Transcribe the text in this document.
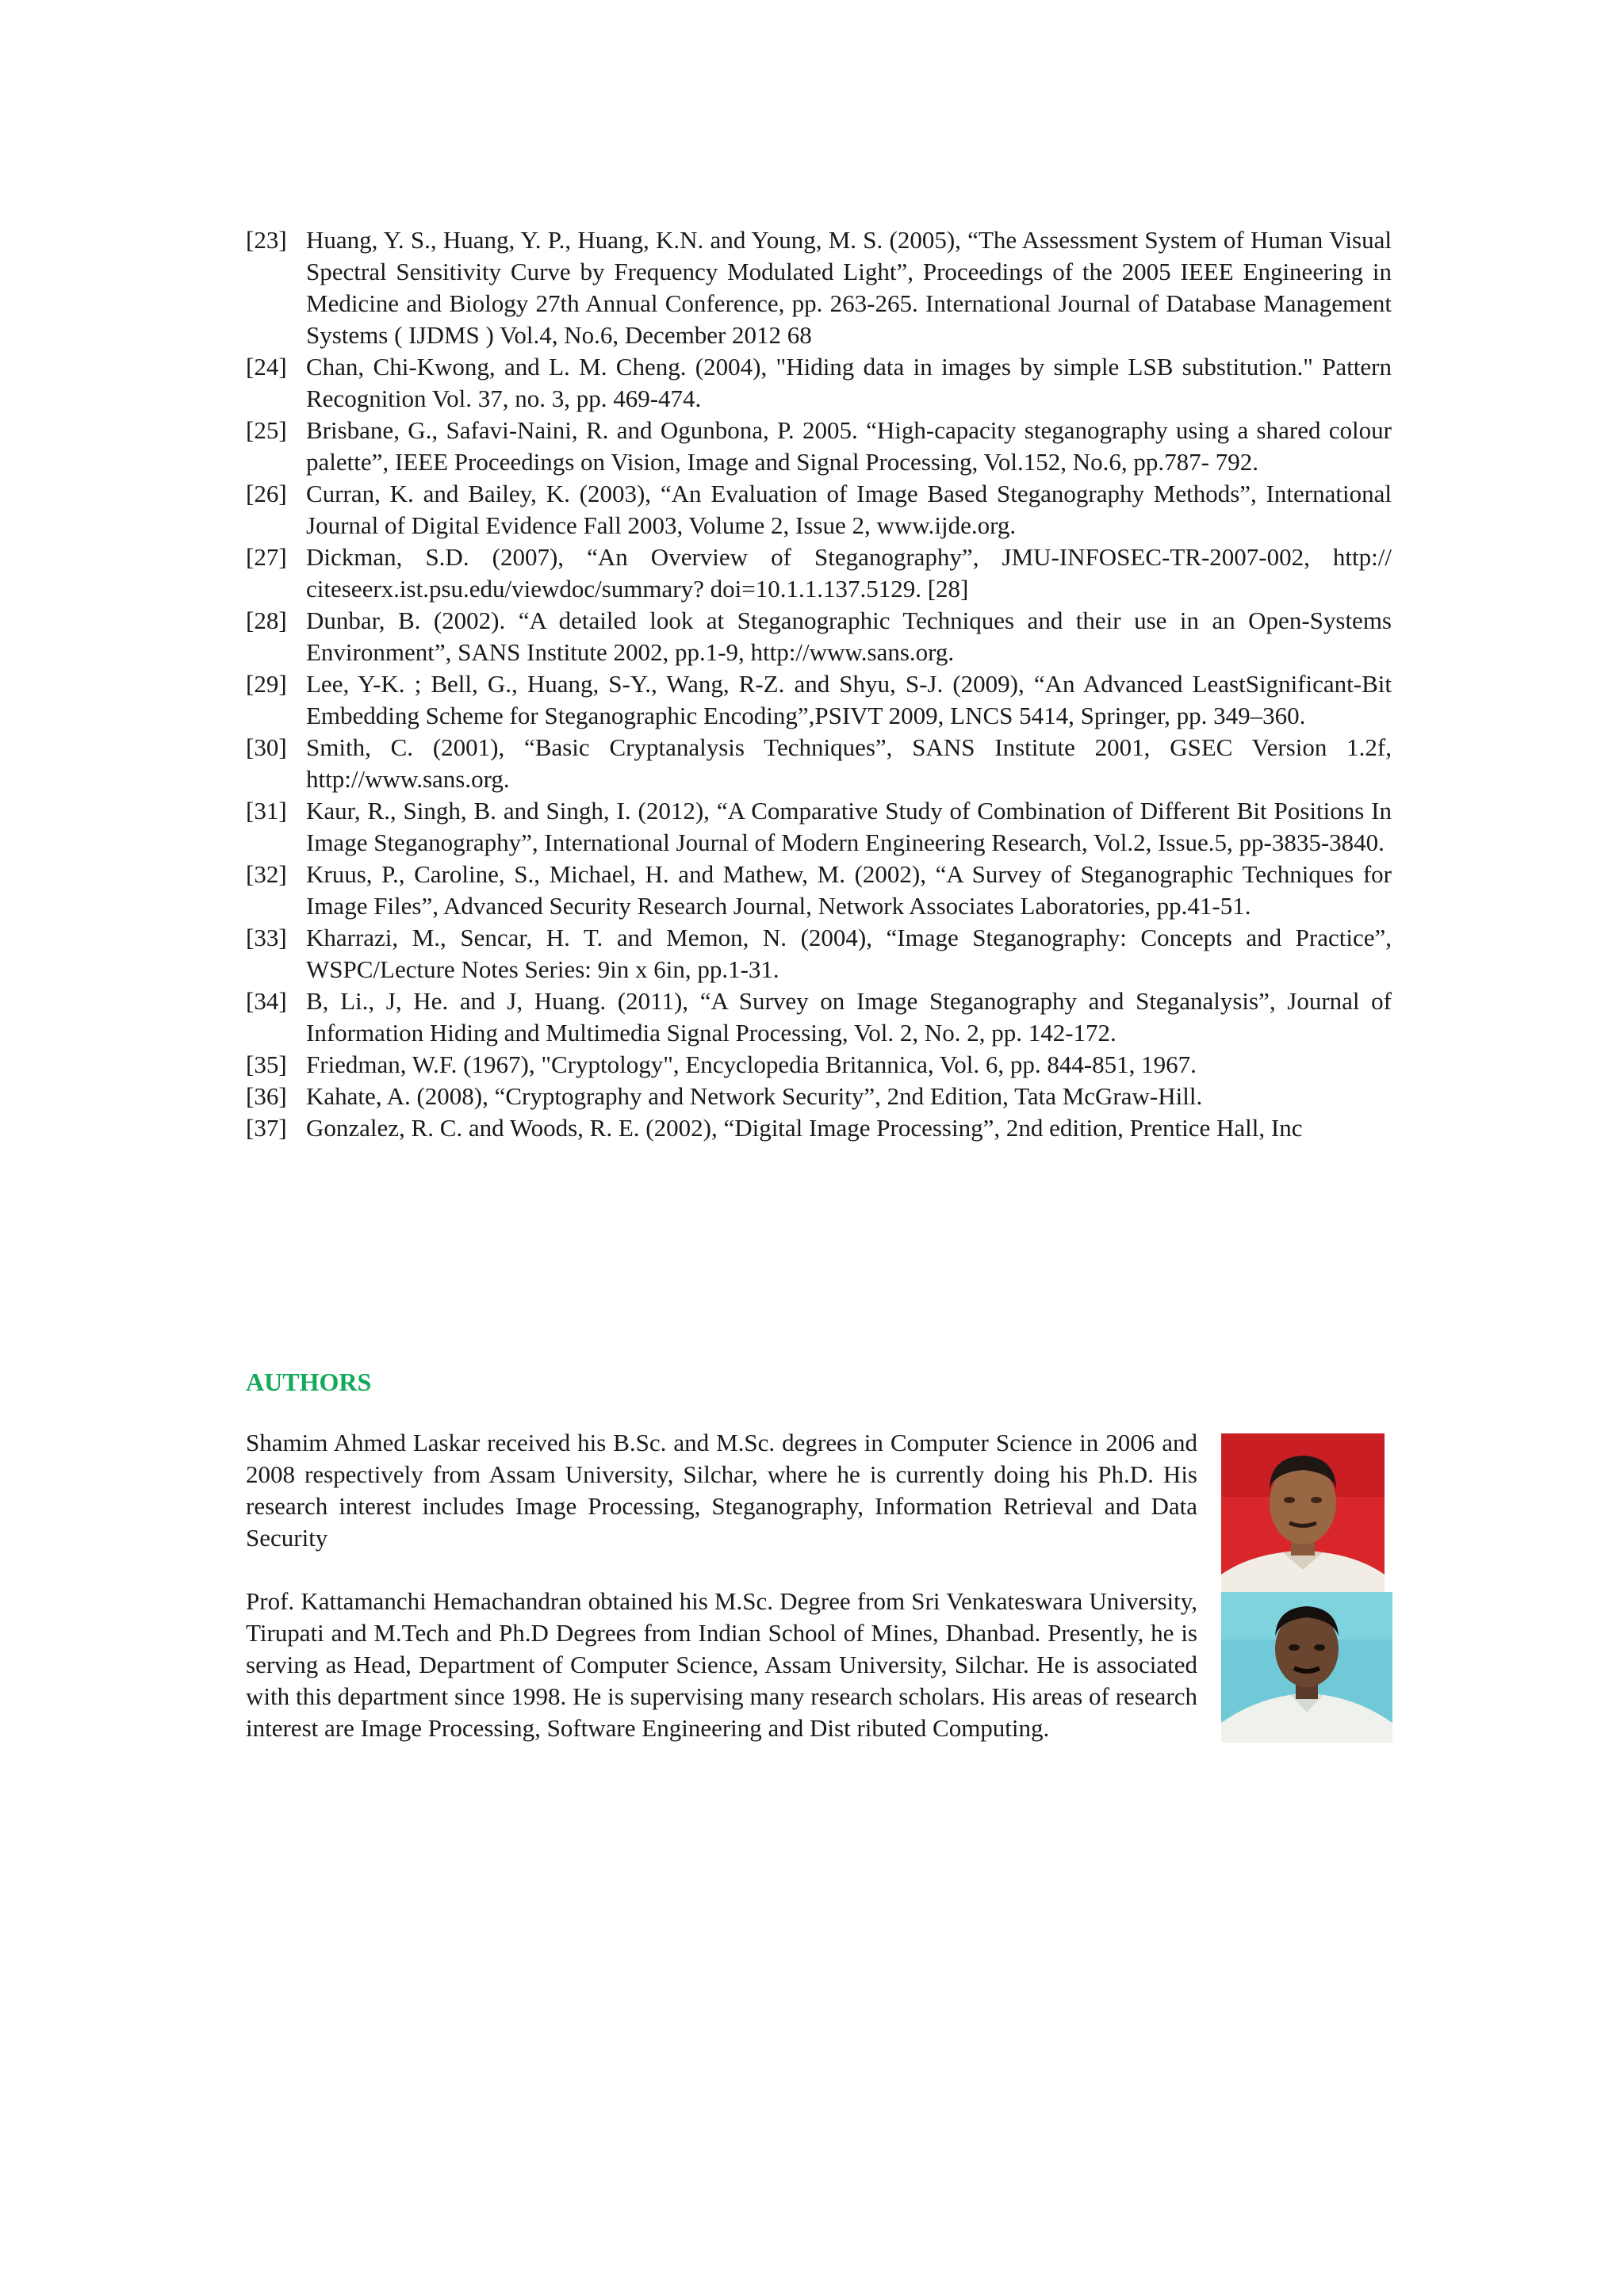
[23] Huang, Y. S., Huang, Y. P., Huang, K.N. and Young, M. S. (2005), “The Assessment System of Human Visual Spectral Sensitivity Curve by Frequency Modulated Light”, Proceedings of the 2005 IEEE Engineering in Medicine and Biology 27th Annual Conference, pp. 263-265. International Journal of Database Management Systems ( IJDMS ) Vol.4, No.6, December 2012 68
[24] Chan, Chi-Kwong, and L. M. Cheng. (2004), "Hiding data in images by simple LSB substitution." Pattern Recognition Vol. 37, no. 3, pp. 469-474.
[25] Brisbane, G., Safavi-Naini, R. and Ogunbona, P. 2005. “High-capacity steganography using a shared colour palette”, IEEE Proceedings on Vision, Image and Signal Processing, Vol.152, No.6, pp.787- 792.
[26] Curran, K. and Bailey, K. (2003), “An Evaluation of Image Based Steganography Methods”, International Journal of Digital Evidence Fall 2003, Volume 2, Issue 2, www.ijde.org.
[27] Dickman, S.D. (2007), “An Overview of Steganography”, JMU-INFOSEC-TR-2007-002, http:// citeseerx.ist.psu.edu/viewdoc/summary? doi=10.1.1.137.5129. [28]
[28] Dunbar, B. (2002). “A detailed look at Steganographic Techniques and their use in an Open-Systems Environment”, SANS Institute 2002, pp.1-9, http://www.sans.org.
[29] Lee, Y-K. ; Bell, G., Huang, S-Y., Wang, R-Z. and Shyu, S-J. (2009), “An Advanced LeastSignificant-Bit Embedding Scheme for Steganographic Encoding”,PSIVT 2009, LNCS 5414, Springer, pp. 349–360.
[30] Smith, C. (2001), “Basic Cryptanalysis Techniques”, SANS Institute 2001, GSEC Version 1.2f, http://www.sans.org.
[31] Kaur, R., Singh, B. and Singh, I. (2012), “A Comparative Study of Combination of Different Bit Positions In Image Steganography”, International Journal of Modern Engineering Research, Vol.2, Issue.5, pp-3835-3840.
[32] Kruus, P., Caroline, S., Michael, H. and Mathew, M. (2002), “A Survey of Steganographic Techniques for Image Files”, Advanced Security Research Journal, Network Associates Laboratories, pp.41-51.
[33] Kharrazi, M., Sencar, H. T. and Memon, N. (2004), “Image Steganography: Concepts and Practice”, WSPC/Lecture Notes Series: 9in x 6in, pp.1-31.
[34] B, Li., J, He. and J, Huang. (2011), “A Survey on Image Steganography and Steganalysis”, Journal of Information Hiding and Multimedia Signal Processing, Vol. 2, No. 2, pp. 142-172.
[35] Friedman, W.F. (1967), "Cryptology", Encyclopedia Britannica, Vol. 6, pp. 844-851, 1967.
[36] Kahate, A. (2008), “Cryptography and Network Security”, 2nd Edition, Tata McGraw-Hill.
[37] Gonzalez, R. C. and Woods, R. E. (2002), “Digital Image Processing”, 2nd edition, Prentice Hall, Inc
AUTHORS

Shamim Ahmed Laskar received his B.Sc. and M.Sc. degrees in Computer Science in 2006 and 2008 respectively from Assam University, Silchar, where he is currently doing his Ph.D. His research interest includes Image Processing, Steganography, Information Retrieval and Data Security

Prof. Kattamanchi Hemachandran obtained his M.Sc. Degree from Sri Venkateswara University, Tirupati and M.Tech and Ph.D Degrees from Indian School of Mines, Dhanbad. Presently, he is serving as Head, Department of Computer Science, Assam University, Silchar. He is associated with this department since 1998. He is supervising many research scholars. His areas of research interest are Image Processing, Software Engineering and Dist ributed Computing.
